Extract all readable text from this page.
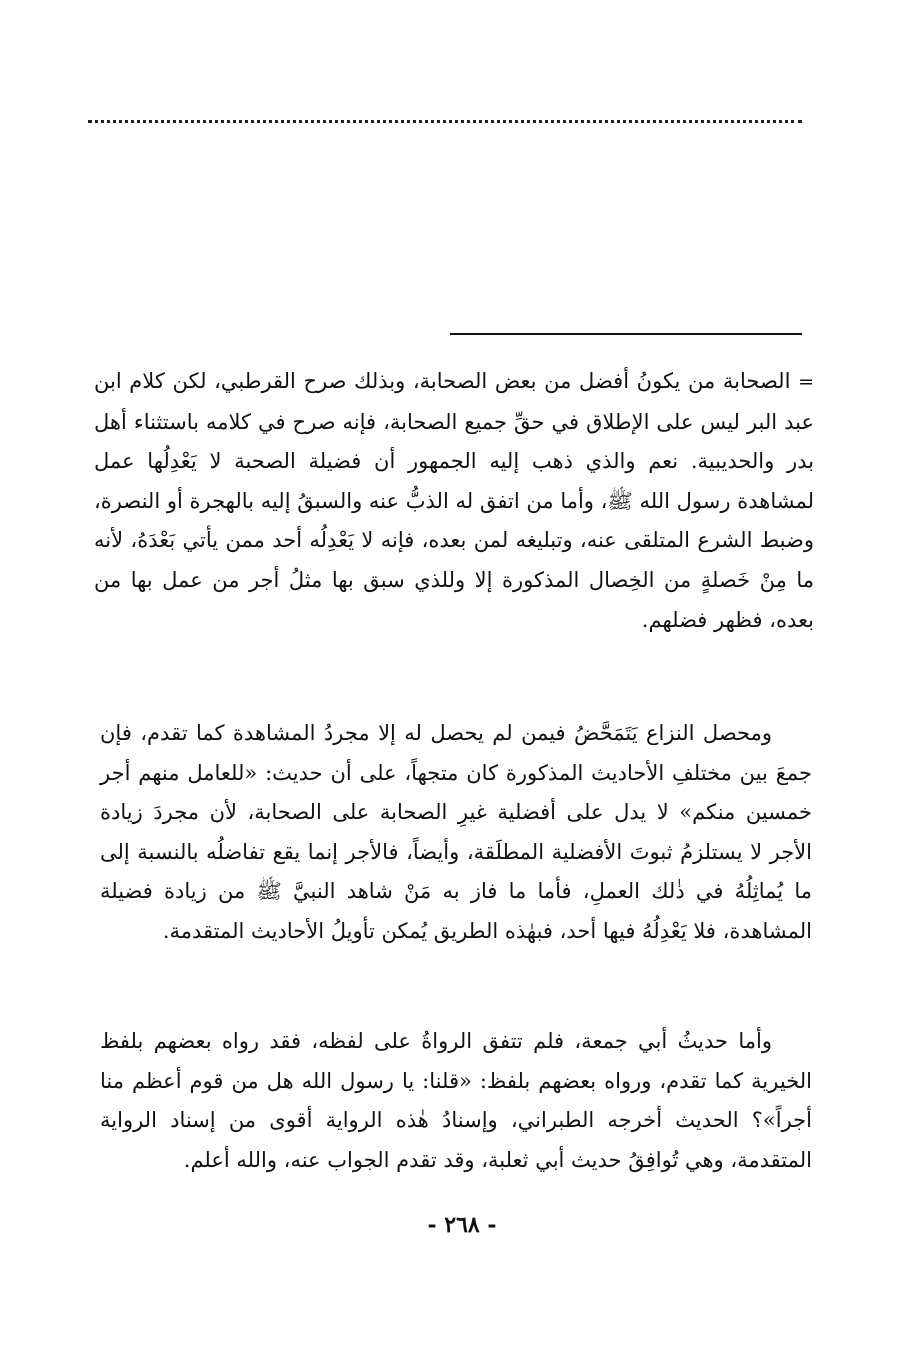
= الصحابة من يكونُ أفضل من بعض الصحابة، وبذلك صرح القرطبي، لكن كلام ابن عبد البر ليس على الإطلاق في حقِّ جميع الصحابة، فإنه صرح في كلامه باستثناء أهل بدر والحديبية. نعم والذي ذهب إليه الجمهور أن فضيلة الصحبة لا يَعْدِلُها عمل لمشاهدة رسول الله ﷺ، وأما من اتفق له الذبُّ عنه والسبقُ إليه بالهجرة أو النصرة، وضبط الشرع المتلقى عنه، وتبليغه لمن بعده، فإنه لا يَعْدِلُه أحد ممن يأتي بَعْدَهُ، لأنه ما مِنْ خَصلةٍ من الخِصال المذكورة إلا وللذي سبق بها مثلُ أجر من عمل بها من بعده، فظهر فضلهم.

ومحصل النزاع يَتَمَحَّضُ فيمن لم يحصل له إلا مجردُ المشاهدة كما تقدم، فإن جمعَ بين مختلفِ الأحاديث المذكورة كان متجهاً، على أن حديث: «للعامل منهم أجر خمسين منكم» لا يدل على أفضلية غيرِ الصحابة على الصحابة، لأن مجردَ زيادة الأجر لا يستلزمُ ثبوتَ الأفضلية المطلَقة، وأيضاً، فالأجر إنما يقع تفاضلُه بالنسبة إلى ما يُماثِلُهُ في ذٰلك العملِ، فأما ما فاز به مَنْ شاهد النبيَّ ﷺ من زيادة فضيلة المشاهدة، فلا يَعْدِلُهُ فيها أحد، فبهٰذه الطريق يُمكن تأويلُ الأحاديث المتقدمة.

وأما حديثُ أبي جمعة، فلم تتفق الرواةُ على لفظه، فقد رواه بعضهم بلفظ الخيرية كما تقدم، ورواه بعضهم بلفظ: «قلنا: يا رسول الله هل من قوم أعظم منا أجراً»؟ الحديث أخرجه الطبراني، وإسنادُ هٰذه الرواية أقوى من إسناد الرواية المتقدمة، وهي تُوافِقُ حديث أبي ثعلبة، وقد تقدم الجواب عنه، والله أعلم.

- ٢٦٨ -
